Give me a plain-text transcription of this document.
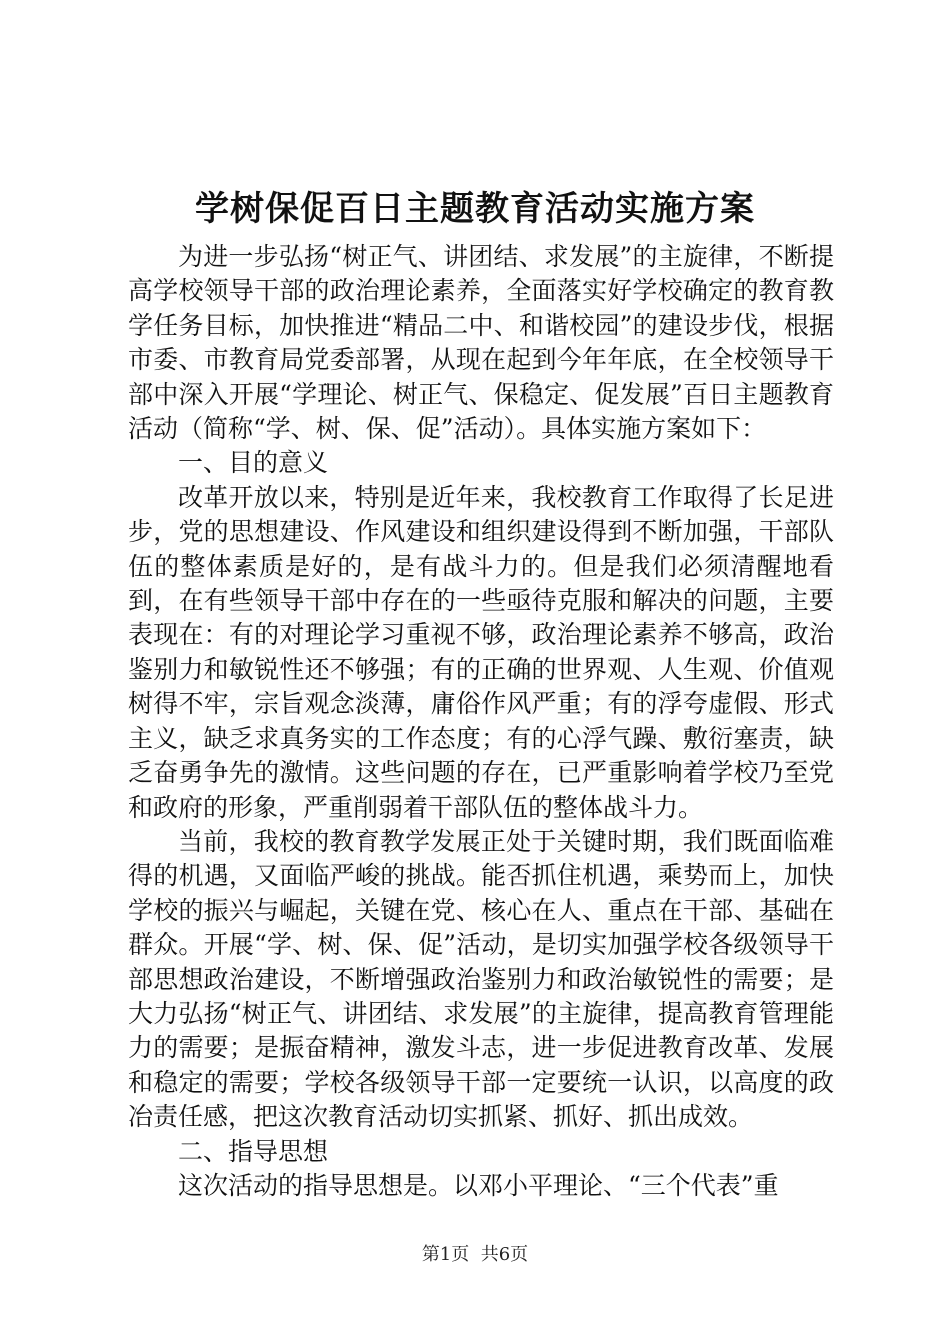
学树保促百日主题教育活动实施方案

为进一步弘扬“树正气、讲团结、求发展”的主旋律，不断提高学校领导干部的政治理论素养，全面落实好学校确定的教育教学任务目标，加快推进“精品二中、和谐校园”的建设步伐，根据市委、市教育局党委部署，从现在起到今年年底，在全校领导干部中深入开展“学理论、树正气、保稳定、促发展”百日主题教育活动（简称“学、树、保、促”活动）。具体实施方案如下：

一、目的意义

改革开放以来，特别是近年来，我校教育工作取得了长足进步，党的思想建设、作风建设和组织建设得到不断加强，干部队伍的整体素质是好的，是有战斗力的。但是我们必须清醒地看到，在有些领导干部中存在的一些亟待克服和解决的问题，主要表现在：有的对理论学习重视不够，政治理论素养不够高，政治鉴别力和敏锐性还不够强；有的正确的世界观、人生观、价值观树得不牢，宗旨观念淡薄，庸俗作风严重；有的浮夸虚假、形式主义，缺乏求真务实的工作态度；有的心浮气躁、敷衍塞责，缺乏奋勇争先的激情。这些问题的存在，已严重影响着学校乃至党和政府的形象，严重削弱着干部队伍的整体战斗力。

当前，我校的教育教学发展正处于关键时期，我们既面临难得的机遇，又面临严峻的挑战。能否抓住机遇，乘势而上，加快学校的振兴与崛起，关键在党、核心在人、重点在干部、基础在群众。开展“学、树、保、促”活动，是切实加强学校各级领导干部思想政治建设，不断增强政治鉴别力和政治敏锐性的需要；是大力弘扬“树正气、讲团结、求发展”的主旋律，提高教育管理能力的需要；是振奋精神，激发斗志，进一步促进教育改革、发展和稳定的需要；学校各级领导干部一定要统一认识，以高度的政冶责任感，把这次教育活动切实抓紧、抓好、抓出成效。

二、指导思想

这次活动的指导思想是。以邓小平理论、“三个代表”重

第1页 共6页
